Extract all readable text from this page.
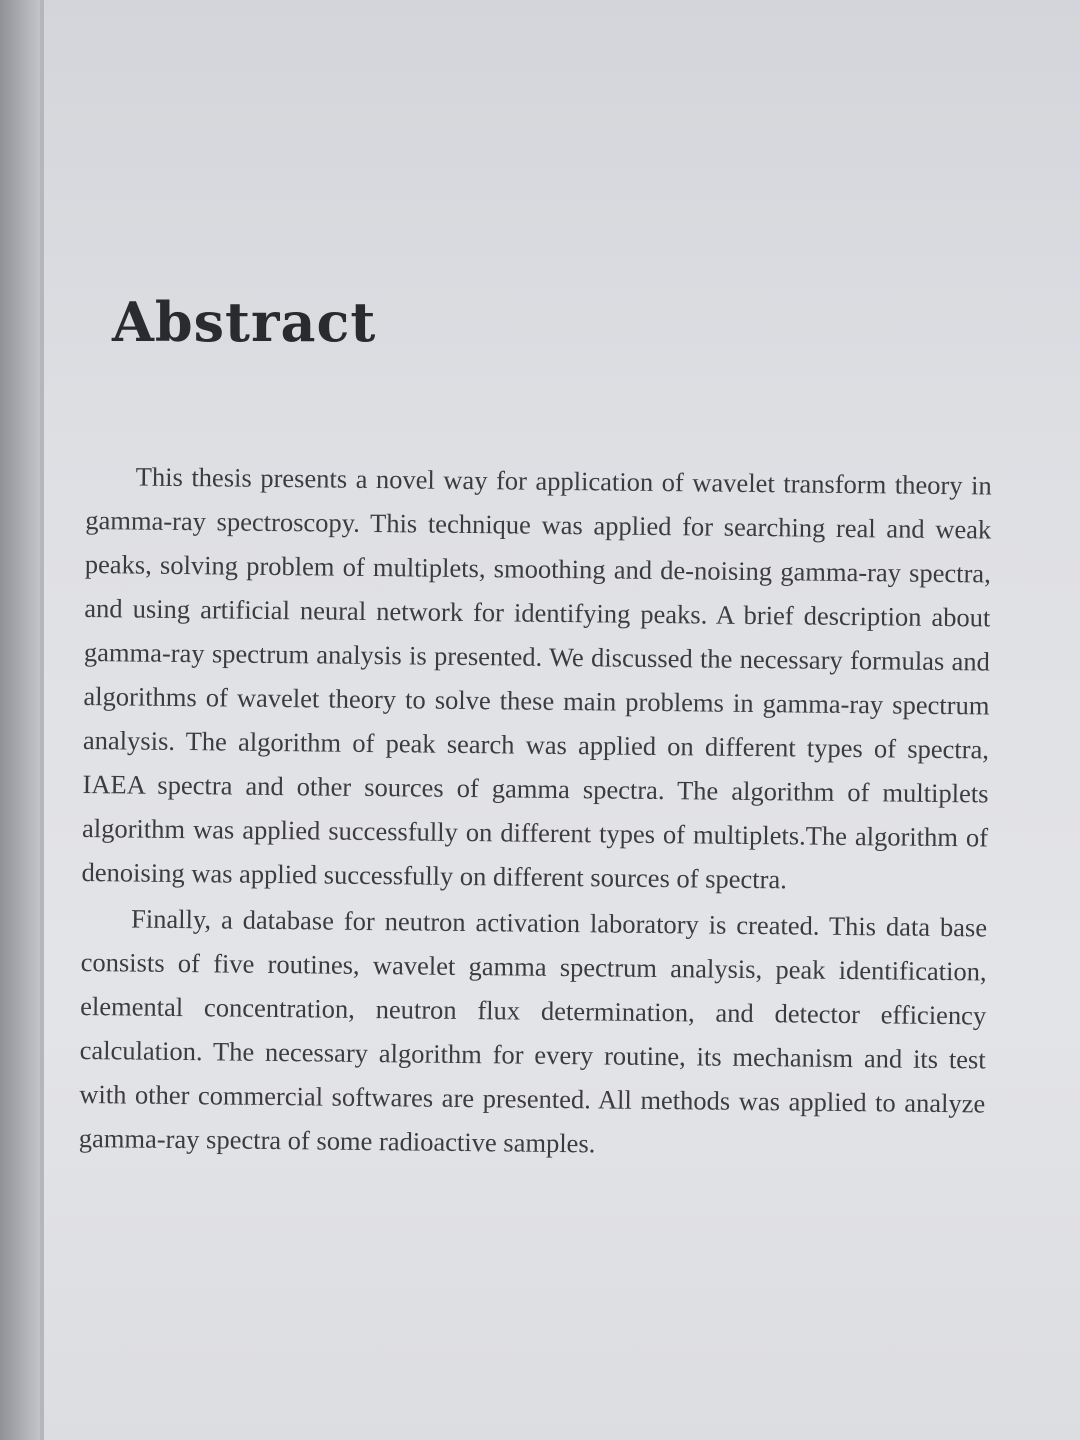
Abstract

This thesis presents a novel way for application of wavelet transform theory in gamma-ray spectroscopy. This technique was applied for searching real and weak peaks, solving problem of multiplets, smoothing and de-noising gamma-ray spectra, and using artificial neural network for identifying peaks. A brief description about gamma-ray spectrum analysis is presented. We discussed the necessary formulas and algorithms of wavelet theory to solve these main problems in gamma-ray spectrum analysis. The algorithm of peak search was applied on different types of spectra, IAEA spectra and other sources of gamma spectra. The algorithm of multiplets algorithm was applied successfully on different types of multiplets.The algorithm of denoising was applied successfully on different sources of spectra.

Finally, a database for neutron activation laboratory is created. This data base consists of five routines, wavelet gamma spectrum analysis, peak identification, elemental concentration, neutron flux determination, and detector efficiency calculation. The necessary algorithm for every routine, its mechanism and its test with other commercial softwares are presented. All methods was applied to analyze gamma-ray spectra of some radioactive samples.
